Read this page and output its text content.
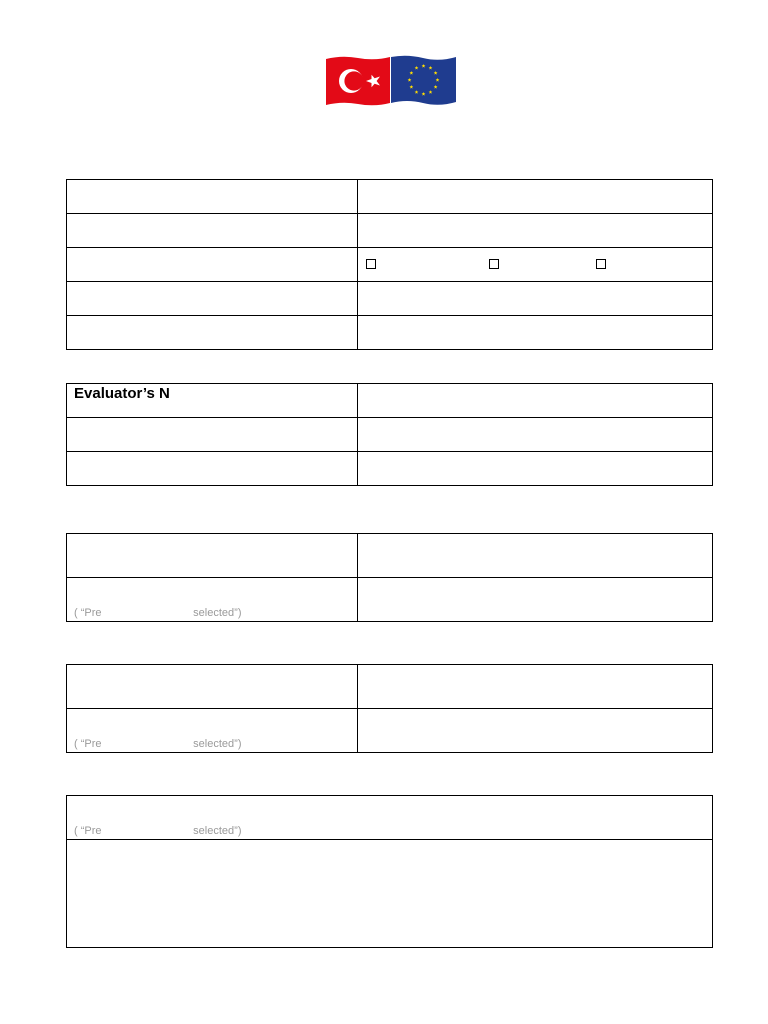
Evaluator’s N	

( “Pre                              selected”)	

( “Pre                              selected”)	

( “Pre                              selected”)
